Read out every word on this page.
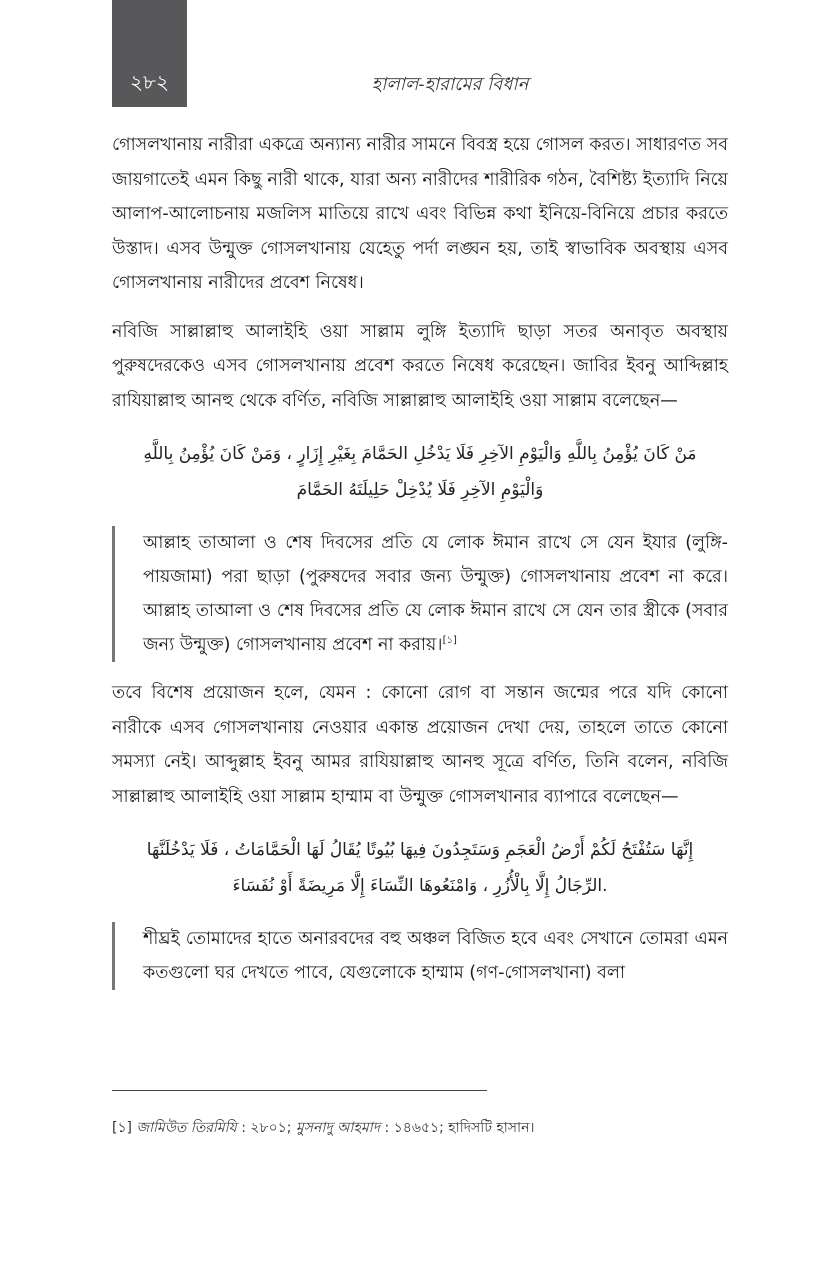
২৮২	হালাল-হারামের বিধান

গোসলখানায় নারীরা একত্রে অন্যান্য নারীর সামনে বিবস্ত্র হয়ে গোসল করত। সাধারণত সব জায়গাতেই এমন কিছু নারী থাকে, যারা অন্য নারীদের শারীরিক গঠন, বৈশিষ্ট্য ইত্যাদি নিয়ে আলাপ-আলোচনায় মজলিস মাতিয়ে রাখে এবং বিভিন্ন কথা ইনিয়ে-বিনিয়ে প্রচার করতে উস্তাদ। এসব উন্মুক্ত গোসলখানায় যেহেতু পর্দা লঙ্ঘন হয়, তাই স্বাভাবিক অবস্থায় এসব গোসলখানায় নারীদের প্রবেশ নিষেধ।

নবিজি সাল্লাল্লাহু আলাইহি ওয়া সাল্লাম লুঙ্গি ইত্যাদি ছাড়া সতর অনাবৃত অবস্থায় পুরুষদেরকেও এসব গোসলখানায় প্রবেশ করতে নিষেধ করেছেন। জাবির ইবনু আব্দিল্লাহ রাযিয়াল্লাহু আনহু থেকে বর্ণিত, নবিজি সাল্লাল্লাহু আলাইহি ওয়া সাল্লাম বলেছেন—

مَنْ كَانَ يُؤْمِنُ بِاللَّهِ وَالْيَوْمِ الآخِرِ فَلَا يَدْخُلِ الحَمَّامَ بِغَيْرِ إِزَارٍ ، وَمَنْ كَانَ يُؤْمِنُ بِاللَّهِ
وَالْيَوْمِ الآخِرِ فَلَا يُدْخِلْ حَلِيلَتَهُ الحَمَّامَ

আল্লাহ তাআলা ও শেষ দিবসের প্রতি যে লোক ঈমান রাখে সে যেন ইযার (লুঙ্গি-পায়জামা) পরা ছাড়া (পুরুষদের সবার জন্য উন্মুক্ত) গোসলখানায় প্রবেশ না করে। আল্লাহ তাআলা ও শেষ দিবসের প্রতি যে লোক ঈমান রাখে সে যেন তার স্ত্রীকে (সবার জন্য উন্মুক্ত) গোসলখানায় প্রবেশ না করায়।[১]

তবে বিশেষ প্রয়োজন হলে, যেমন : কোনো রোগ বা সন্তান জন্মের পরে যদি কোনো নারীকে এসব গোসলখানায় নেওয়ার একান্ত প্রয়োজন দেখা দেয়, তাহলে তাতে কোনো সমস্যা নেই। আব্দুল্লাহ ইবনু আমর রাযিয়াল্লাহু আনহু সূত্রে বর্ণিত, তিনি বলেন, নবিজি সাল্লাল্লাহু আলাইহি ওয়া সাল্লাম হাম্মাম বা উন্মুক্ত গোসলখানার ব্যাপারে বলেছেন—

إِنَّهَا سَتُفْتَحُ لَكُمْ أَرْضُ الْعَجَمِ وَسَتَجِدُونَ فِيهَا بُيُوتًا يُقَالُ لَهَا الْحَمَّامَاتُ ، فَلَا يَدْخُلَنَّهَا
.الرِّجَالُ إِلَّا بِالْأُزُرِ ، وَامْنَعُوهَا النِّسَاءَ إِلَّا مَرِيضَةً أَوْ نُفَسَاءَ

শীঘ্রই তোমাদের হাতে অনারবদের বহু অঞ্চল বিজিত হবে এবং সেখানে তোমরা এমন কতগুলো ঘর দেখতে পাবে, যেগুলোকে হাম্মাম (গণ-গোসলখানা) বলা

[১] জামিউত তিরমিযি : ২৮০১; মুসনাদু আহমাদ : ১৪৬৫১; হাদিসটি হাসান।
